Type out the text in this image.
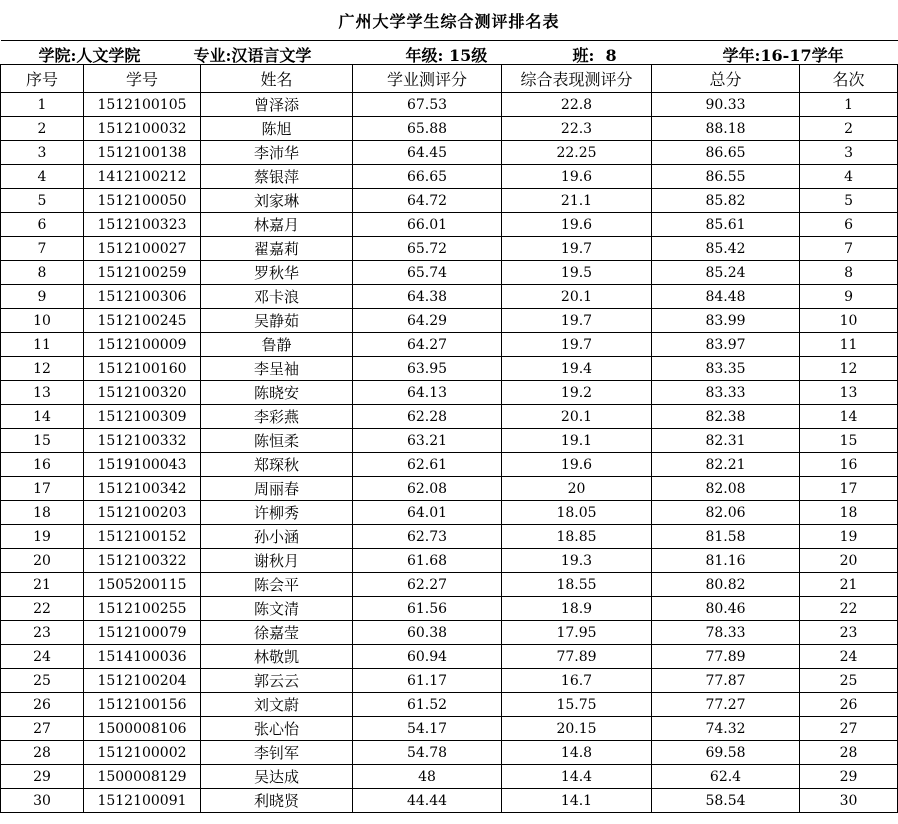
广州大学学生综合测评排名表						

学院:人文学院 专业:汉语言文学 年级: 15级 班:  8 学年:16-17学年						

序号	学号	姓名	学业测评分	综合表现测评分	总分	名次
1	1512100105	曾泽添	67.53	22.8	90.33	1
2	1512100032	陈旭	65.88	22.3	88.18	2
3	1512100138	李沛华	64.45	22.25	86.65	3
4	1412100212	蔡银萍	66.65	19.6	86.55	4
5	1512100050	刘家琳	64.72	21.1	85.82	5
6	1512100323	林嘉月	66.01	19.6	85.61	6
7	1512100027	翟嘉莉	65.72	19.7	85.42	7
8	1512100259	罗秋华	65.74	19.5	85.24	8
9	1512100306	邓卡浪	64.38	20.1	84.48	9
10	1512100245	吴静茹	64.29	19.7	83.99	10
11	1512100009	鲁静	64.27	19.7	83.97	11
12	1512100160	李呈袖	63.95	19.4	83.35	12
13	1512100320	陈晓安	64.13	19.2	83.33	13
14	1512100309	李彩燕	62.28	20.1	82.38	14
15	1512100332	陈恒柔	63.21	19.1	82.31	15
16	1519100043	郑琛秋	62.61	19.6	82.21	16
17	1512100342	周丽春	62.08	20	82.08	17
18	1512100203	许柳秀	64.01	18.05	82.06	18
19	1512100152	孙小涵	62.73	18.85	81.58	19
20	1512100322	谢秋月	61.68	19.3	81.16	20
21	1505200115	陈会平	62.27	18.55	80.82	21
22	1512100255	陈文清	61.56	18.9	80.46	22
23	1512100079	徐嘉莹	60.38	17.95	78.33	23
24	1514100036	林敬凯	60.94	77.89	77.89	24
25	1512100204	郭云云	61.17	16.7	77.87	25
26	1512100156	刘文蔚	61.52	15.75	77.27	26
27	1500008106	张心怡	54.17	20.15	74.32	27
28	1512100002	李钊军	54.78	14.8	69.58	28
29	1500008129	吴达成	48	14.4	62.4	29
30	1512100091	利晓贤	44.44	14.1	58.54	30
